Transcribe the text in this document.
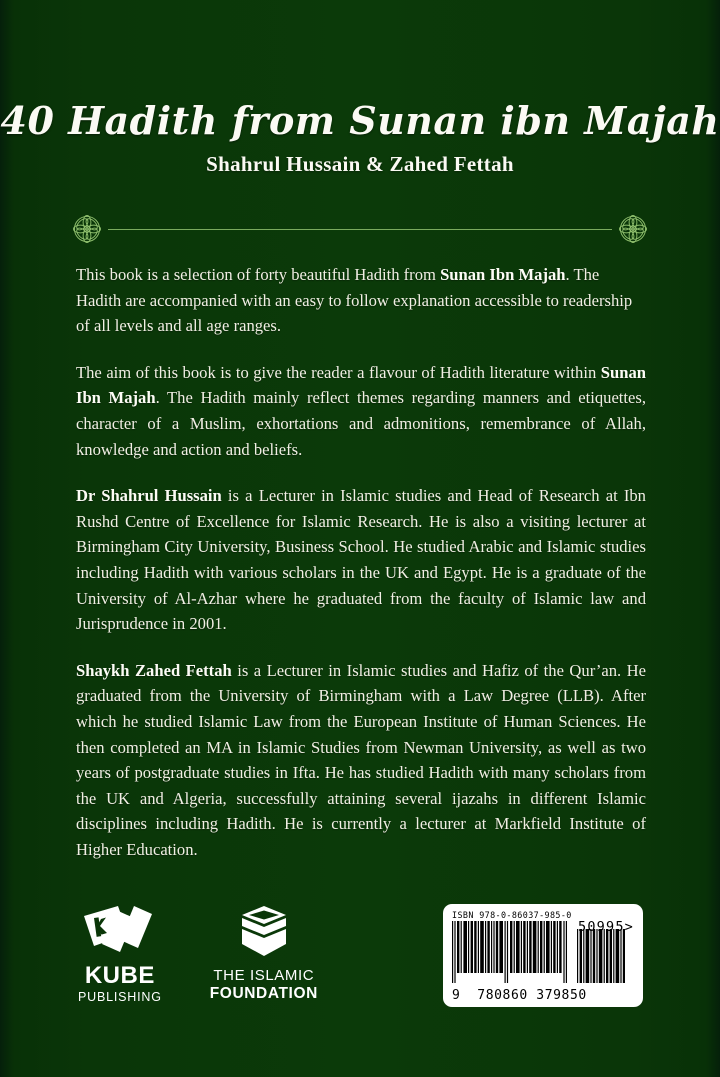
40 Hadith from Sunan ibn Majah
Shahrul Hussain & Zahed Fettah

This book is a selection of forty beautiful Hadith from Sunan Ibn Majah. The Hadith are accompanied with an easy to follow explanation accessible to readership of all levels and all age ranges.

The aim of this book is to give the reader a flavour of Hadith literature within Sunan Ibn Majah. The Hadith mainly reflect themes regarding manners and etiquettes, character of a Muslim, exhortations and admonitions, remembrance of Allah, knowledge and action and beliefs.

Dr Shahrul Hussain is a Lecturer in Islamic studies and Head of Research at Ibn Rushd Centre of Excellence for Islamic Research. He is also a visiting lecturer at Birmingham City University, Business School. He studied Arabic and Islamic studies including Hadith with various scholars in the UK and Egypt. He is a graduate of the University of Al-Azhar where he graduated from the faculty of Islamic law and Jurisprudence in 2001.

Shaykh Zahed Fettah is a Lecturer in Islamic studies and Hafiz of the Qur’an. He graduated from the University of Birmingham with a Law Degree (LLB). After which he studied Islamic Law from the European Institute of Human Sciences. He then completed an MA in Islamic Studies from Newman University, as well as two years of postgraduate studies in Ifta. He has studied Hadith with many scholars from the UK and Algeria, successfully attaining several ijazahs in different Islamic disciplines including Hadith. He is currently a lecturer at Markfield Institute of Higher Education.

KUBE
PUBLISHING
THE ISLAMIC
FOUNDATION
ISBN 978-0-86037-985-0
50995>
9  780860 379850
